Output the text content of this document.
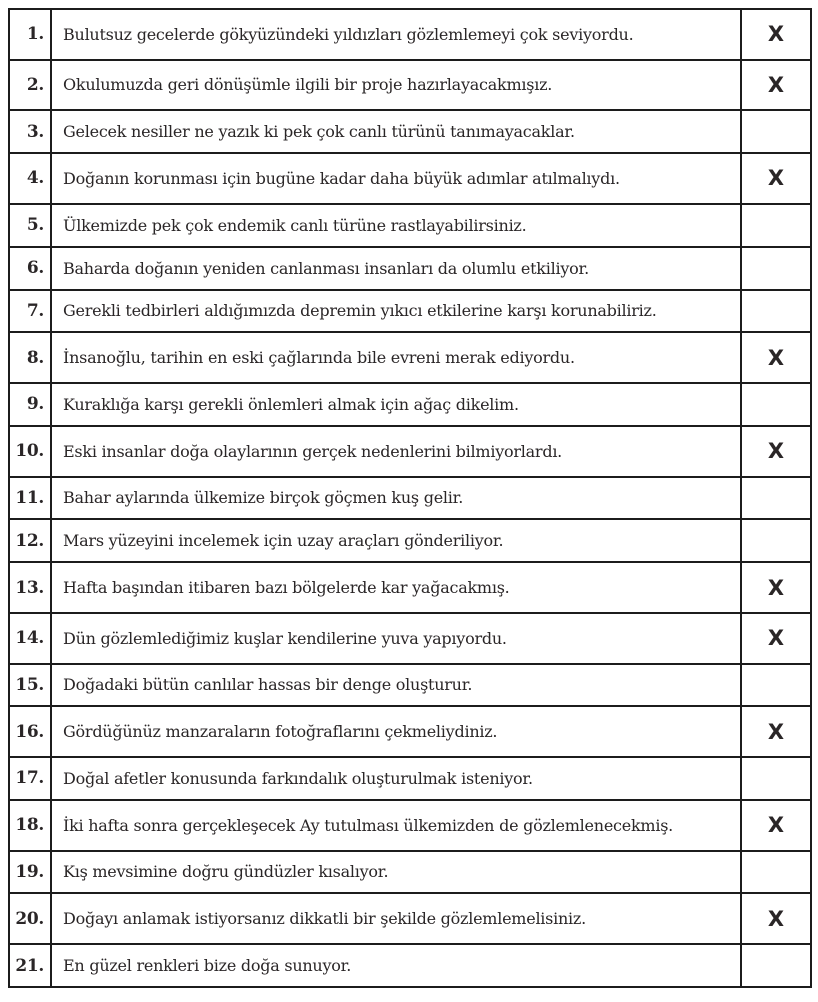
1.	Bulutsuz gecelerde gökyüzündeki yıldızları gözlemlemeyi çok seviyordu.	X
2.	Okulumuzda geri dönüşümle ilgili bir proje hazırlayacakmışız.	X
3.	Gelecek nesiller ne yazık ki pek çok canlı türünü tanımayacaklar.	
4.	Doğanın korunması için bugüne kadar daha büyük adımlar atılmalıydı.	X
5.	Ülkemizde pek çok endemik canlı türüne rastlayabilirsiniz.	
6.	Baharda doğanın yeniden canlanması insanları da olumlu etkiliyor.	
7.	Gerekli tedbirleri aldığımızda depremin yıkıcı etkilerine karşı korunabiliriz.	
8.	İnsanoğlu, tarihin en eski çağlarında bile evreni merak ediyordu.	X
9.	Kuraklığa karşı gerekli önlemleri almak için ağaç dikelim.	
10.	Eski insanlar doğa olaylarının gerçek nedenlerini bilmiyorlardı.	X
11.	Bahar aylarında ülkemize birçok göçmen kuş gelir.	
12.	Mars yüzeyini incelemek için uzay araçları gönderiliyor.	
13.	Hafta başından itibaren bazı bölgelerde kar yağacakmış.	X
14.	Dün gözlemlediğimiz kuşlar kendilerine yuva yapıyordu.	X
15.	Doğadaki bütün canlılar hassas bir denge oluşturur.	
16.	Gördüğünüz manzaraların fotoğraflarını çekmeliydiniz.	X
17.	Doğal afetler konusunda farkındalık oluşturulmak isteniyor.	
18.	İki hafta sonra gerçekleşecek Ay tutulması ülkemizden de gözlemlenecekmiş.	X
19.	Kış mevsimine doğru gündüzler kısalıyor.	
20.	Doğayı anlamak istiyorsanız dikkatli bir şekilde gözlemlemelisiniz.	X
21.	En güzel renkleri bize doğa sunuyor.	
